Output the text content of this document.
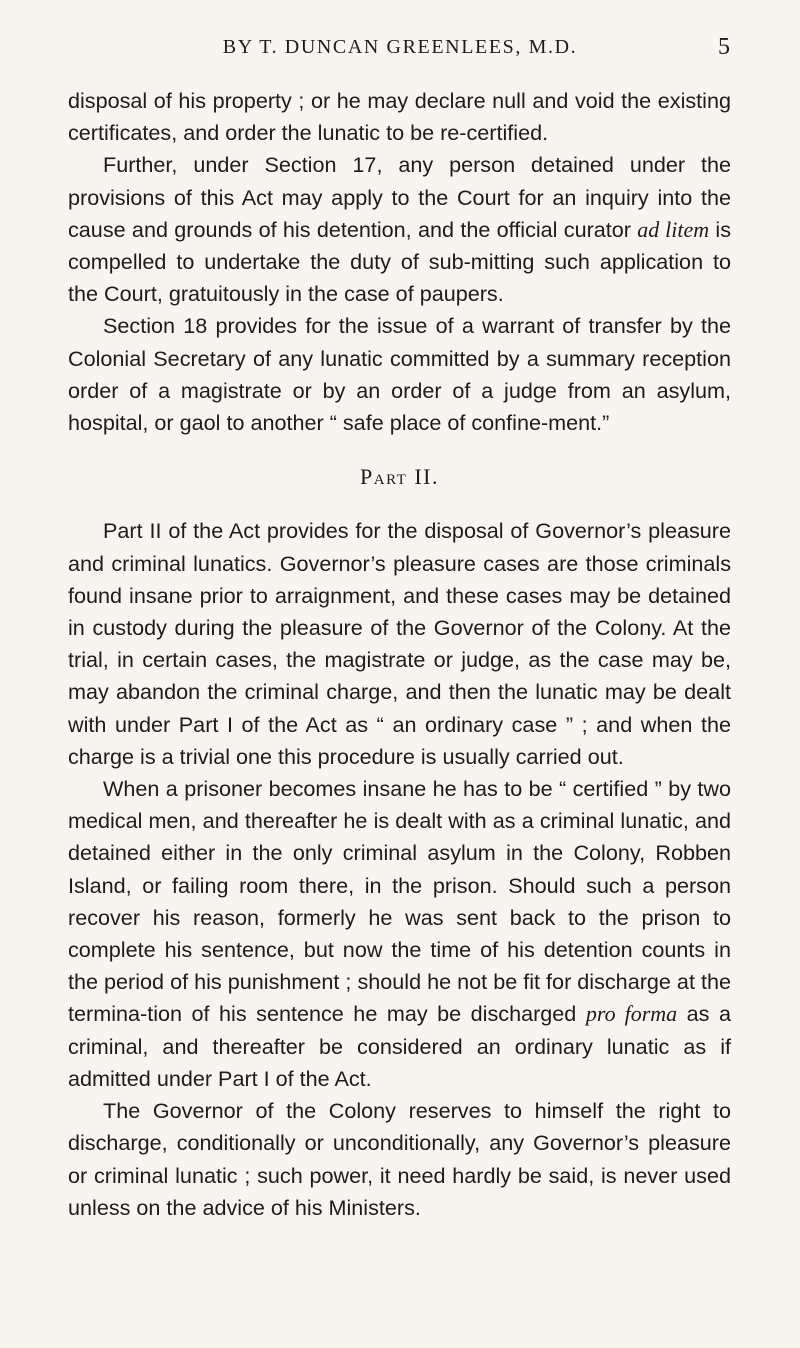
BY T. DUNCAN GREENLEES, M.D.	5

disposal of his property ; or he may declare null and void the existing certificates, and order the lunatic to be re-certified.

Further, under Section 17, any person detained under the provisions of this Act may apply to the Court for an inquiry into the cause and grounds of his detention, and the official curator ad litem is compelled to undertake the duty of sub-mitting such application to the Court, gratuitously in the case of paupers.

Section 18 provides for the issue of a warrant of transfer by the Colonial Secretary of any lunatic committed by a summary reception order of a magistrate or by an order of a judge from an asylum, hospital, or gaol to another “ safe place of confine-ment.”

Part II.

Part II of the Act provides for the disposal of Governor’s pleasure and criminal lunatics. Governor’s pleasure cases are those criminals found insane prior to arraignment, and these cases may be detained in custody during the pleasure of the Governor of the Colony. At the trial, in certain cases, the magistrate or judge, as the case may be, may abandon the criminal charge, and then the lunatic may be dealt with under Part I of the Act as “ an ordinary case ” ; and when the charge is a trivial one this procedure is usually carried out.

When a prisoner becomes insane he has to be “ certified ” by two medical men, and thereafter he is dealt with as a criminal lunatic, and detained either in the only criminal asylum in the Colony, Robben Island, or failing room there, in the prison. Should such a person recover his reason, formerly he was sent back to the prison to complete his sentence, but now the time of his detention counts in the period of his punishment ; should he not be fit for discharge at the termina-tion of his sentence he may be discharged pro forma as a criminal, and thereafter be considered an ordinary lunatic as if admitted under Part I of the Act.

The Governor of the Colony reserves to himself the right to discharge, conditionally or unconditionally, any Governor’s pleasure or criminal lunatic ; such power, it need hardly be said, is never used unless on the advice of his Ministers.
